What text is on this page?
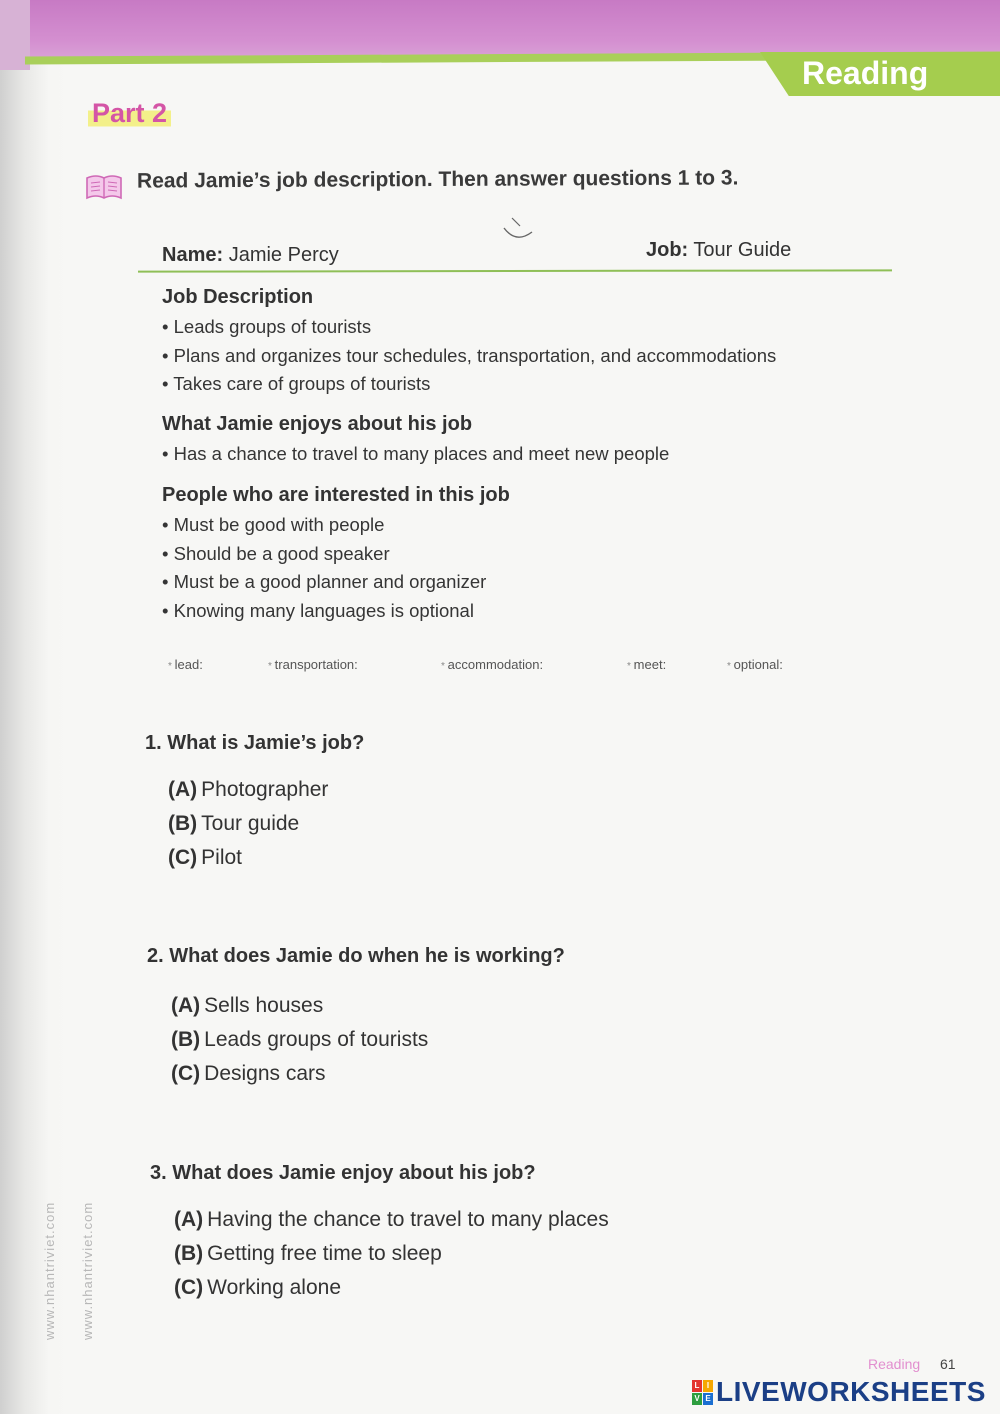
Reading
Part 2
Read Jamie’s job description. Then answer questions 1 to 3.
Name: Jamie Percy	Job: Tour Guide
Job Description
• Leads groups of tourists
• Plans and organizes tour schedules, transportation, and accommodations
• Takes care of groups of tourists
What Jamie enjoys about his job
• Has a chance to travel to many places and meet new people
People who are interested in this job
• Must be good with people
• Should be a good speaker
• Must be a good planner and organizer
• Knowing many languages is optional
* lead:	* transportation:	* accommodation:	* meet:	* optional:
1. What is Jamie’s job?
(A) Photographer
(B) Tour guide
(C) Pilot
2. What does Jamie do when he is working?
(A) Sells houses
(B) Leads groups of tourists
(C) Designs cars
3. What does Jamie enjoy about his job?
(A) Having the chance to travel to many places
(B) Getting free time to sleep
(C) Working alone
www.nhantriviet.com www.nhantriviet.com
Reading 61
L I
V E LIVEWORKSHEETS
